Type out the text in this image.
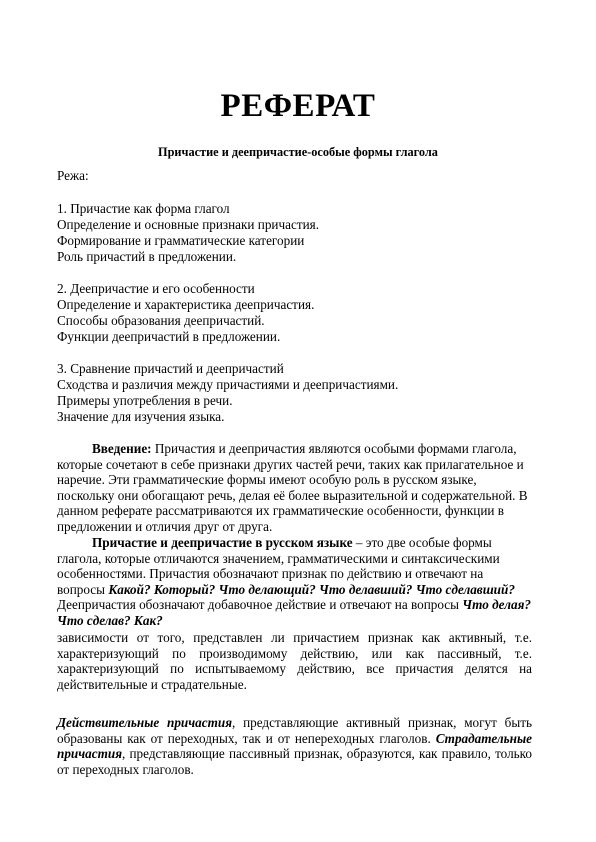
РЕФЕРАТ
Причастие и деепричастие-особые формы глагола
Режа:
1. Причастие как форма глагол
Определение и основные признаки причастия.
Формирование и грамматические категории
Роль причастий в предложении.
2. Деепричастие и его особенности
Определение и характеристика деепричастия.
Способы образования деепричастий.
Функции деепричастий в предложении.
3. Сравнение причастий и деепричастий
Сходства и различия между причастиями и деепричастиями.
Примеры употребления в речи.
Значение для изучения языка.
Введение: Причастия и деепричастия являются особыми формами глагола, которые сочетают в себе признаки других частей речи, таких как прилагательное и наречие. Эти грамматические формы имеют особую роль в русском языке, поскольку они обогащают речь, делая её более выразительной и содержательной. В данном реферате рассматриваются их грамматические особенности, функции в предложении и отличия друг от друга.
Причастие и деепричастие в русском языке – это две особые формы глагола, которые отличаются значением, грамматическими и синтаксическими особенностями. Причастия обозначают признак по действию и отвечают на вопросы Какой? Который? Что делающий? Что делавший? Что сделавший? Деепричастия обозначают добавочное действие и отвечают на вопросы Что делая? Что сделав? Как?
зависимости от того, представлен ли причастием признак как активный, т.е. характеризующий по производимому действию, или как пассивный, т.е. характеризующий по испытываемому действию, все причастия делятся на действительные и страдательные.
Действительные причастия, представляющие активный признак, могут быть образованы как от переходных, так и от непереходных глаголов. Страдательные причастия, представляющие пассивный признак, образуются, как правило, только от переходных глаголов.
